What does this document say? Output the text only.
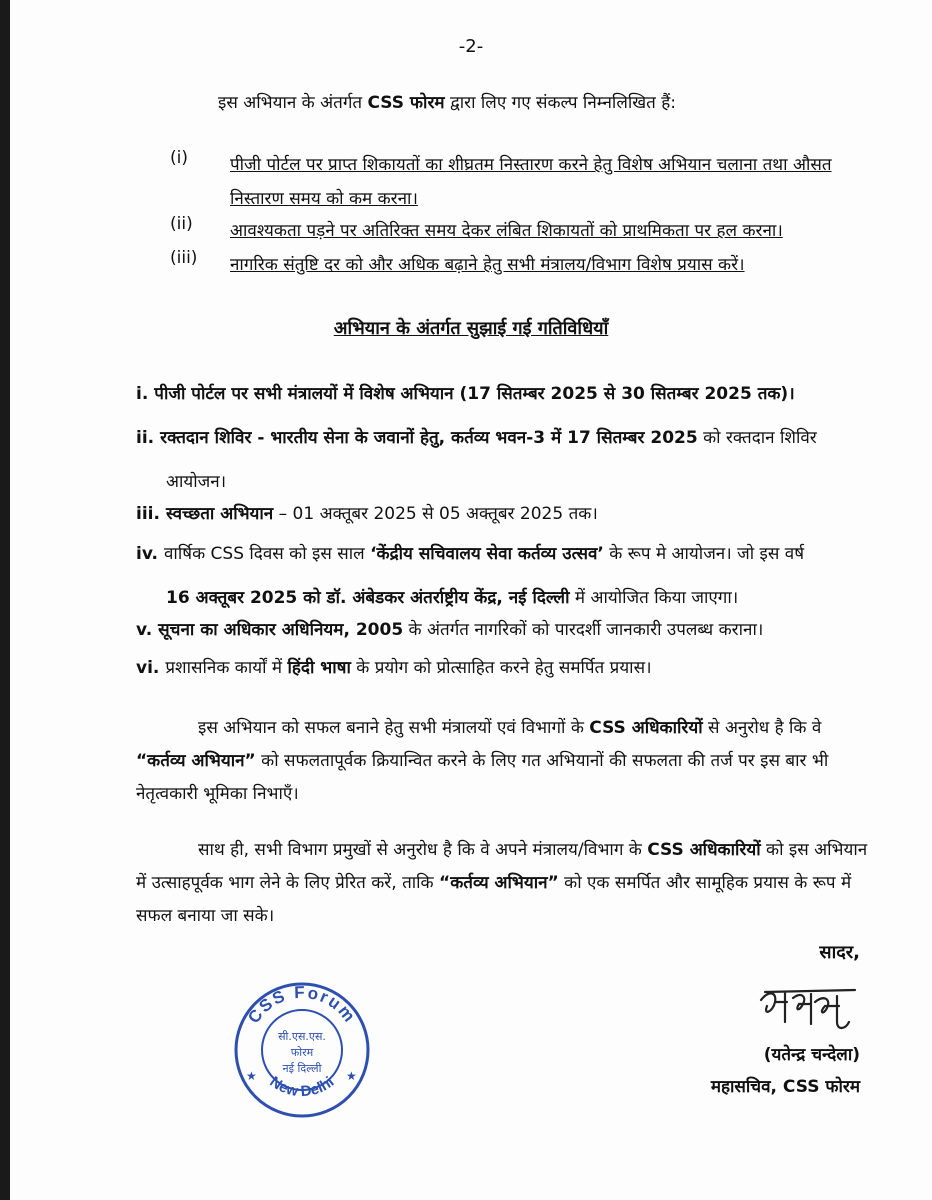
-2-
इस अभियान के अंतर्गत CSS फोरम द्वारा लिए गए संकल्प निम्नलिखित हैं:
(i)	पीजी पोर्टल पर प्राप्त शिकायतों का शीघ्रतम निस्तारण करने हेतु विशेष अभियान चलाना तथा औसत निस्तारण समय को कम करना।
(ii)	आवश्यकता पड़ने पर अतिरिक्त समय देकर लंबित शिकायतों को प्राथमिकता पर हल करना।
(iii)	नागरिक संतुष्टि दर को और अधिक बढ़ाने हेतु सभी मंत्रालय/विभाग विशेष प्रयास करें।
अभियान के अंतर्गत सुझाई गई गतिविधियाँ
i. पीजी पोर्टल पर सभी मंत्रालयों में विशेष अभियान (17 सितम्बर 2025 से 30 सितम्बर 2025 तक)।
ii. रक्तदान शिविर - भारतीय सेना के जवानों हेतु, कर्तव्य भवन-3 में 17 सितम्बर 2025 को रक्तदान शिविर
आयोजन।
iii. स्वच्छता अभियान – 01 अक्तूबर 2025 से 05 अक्तूबर 2025 तक।
iv. वार्षिक CSS दिवस को इस साल ‘केंद्रीय सचिवालय सेवा कर्तव्य उत्सव’ के रूप मे आयोजन। जो इस वर्ष
16 अक्तूबर 2025 को डॉ. अंबेडकर अंतर्राष्ट्रीय केंद्र, नई दिल्ली में आयोजित किया जाएगा।
v. सूचना का अधिकार अधिनियम, 2005 के अंतर्गत नागरिकों को पारदर्शी जानकारी उपलब्ध कराना।
vi. प्रशासनिक कार्यों में हिंदी भाषा के प्रयोग को प्रोत्साहित करने हेतु समर्पित प्रयास।
इस अभियान को सफल बनाने हेतु सभी मंत्रालयों एवं विभागों के CSS अधिकारियों से अनुरोध है कि वे “कर्तव्य अभियान” को सफलतापूर्वक क्रियान्वित करने के लिए गत अभियानों की सफलता की तर्ज पर इस बार भी नेतृत्वकारी भूमिका निभाएँ।
साथ ही, सभी विभाग प्रमुखों से अनुरोध है कि वे अपने मंत्रालय/विभाग के CSS अधिकारियों को इस अभियान में उत्साहपूर्वक भाग लेने के लिए प्रेरित करें, ताकि “कर्तव्य अभियान” को एक समर्पित और सामूहिक प्रयास के रूप में सफल बनाया जा सके।
सादर,
(यतेन्द्र चन्देला)
महासचिव, CSS फोरम
CSS Forum
New Delhi
सी.एस.एस.
फोरम
नई दिल्ली
★	★
